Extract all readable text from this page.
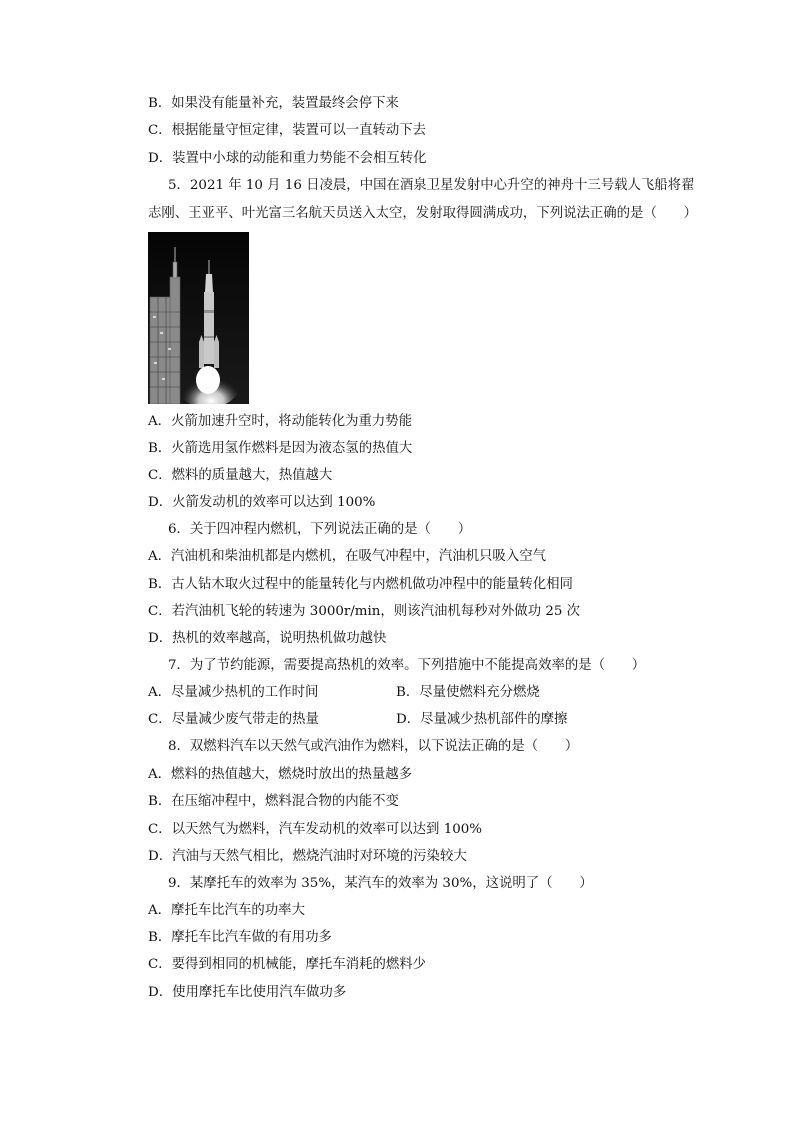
B．如果没有能量补充，装置最终会停下来
C．根据能量守恒定律，装置可以一直转动下去
D．装置中小球的动能和重力势能不会相互转化
5．2021 年 10 月 16 日凌晨，中国在酒泉卫星发射中心升空的神舟十三号载人飞船将翟
志刚、王亚平、叶光富三名航天员送入太空，发射取得圆满成功，下列说法正确的是（　　）
A．火箭加速升空时，将动能转化为重力势能
B．火箭选用氢作燃料是因为液态氢的热值大
C．燃料的质量越大，热值越大
D．火箭发动机的效率可以达到 100%
6．关于四冲程内燃机，下列说法正确的是（　　）
A．汽油机和柴油机都是内燃机，在吸气冲程中，汽油机只吸入空气
B．古人钻木取火过程中的能量转化与内燃机做功冲程中的能量转化相同
C．若汽油机飞轮的转速为 3000r/min，则该汽油机每秒对外做功 25 次
D．热机的效率越高，说明热机做功越快
7．为了节约能源，需要提高热机的效率。下列措施中不能提高效率的是（　　）
A．尽量减少热机的工作时间	B．尽量使燃料充分燃烧
C．尽量减少废气带走的热量	D．尽量减少热机部件的摩擦
8．双燃料汽车以天然气或汽油作为燃料，以下说法正确的是（　　）
A．燃料的热值越大，燃烧时放出的热量越多
B．在压缩冲程中，燃料混合物的内能不变
C．以天然气为燃料，汽车发动机的效率可以达到 100%
D．汽油与天然气相比，燃烧汽油时对环境的污染较大
9．某摩托车的效率为 35%，某汽车的效率为 30%，这说明了（　　）
A．摩托车比汽车的功率大
B．摩托车比汽车做的有用功多
C．要得到相同的机械能，摩托车消耗的燃料少
D．使用摩托车比使用汽车做功多
